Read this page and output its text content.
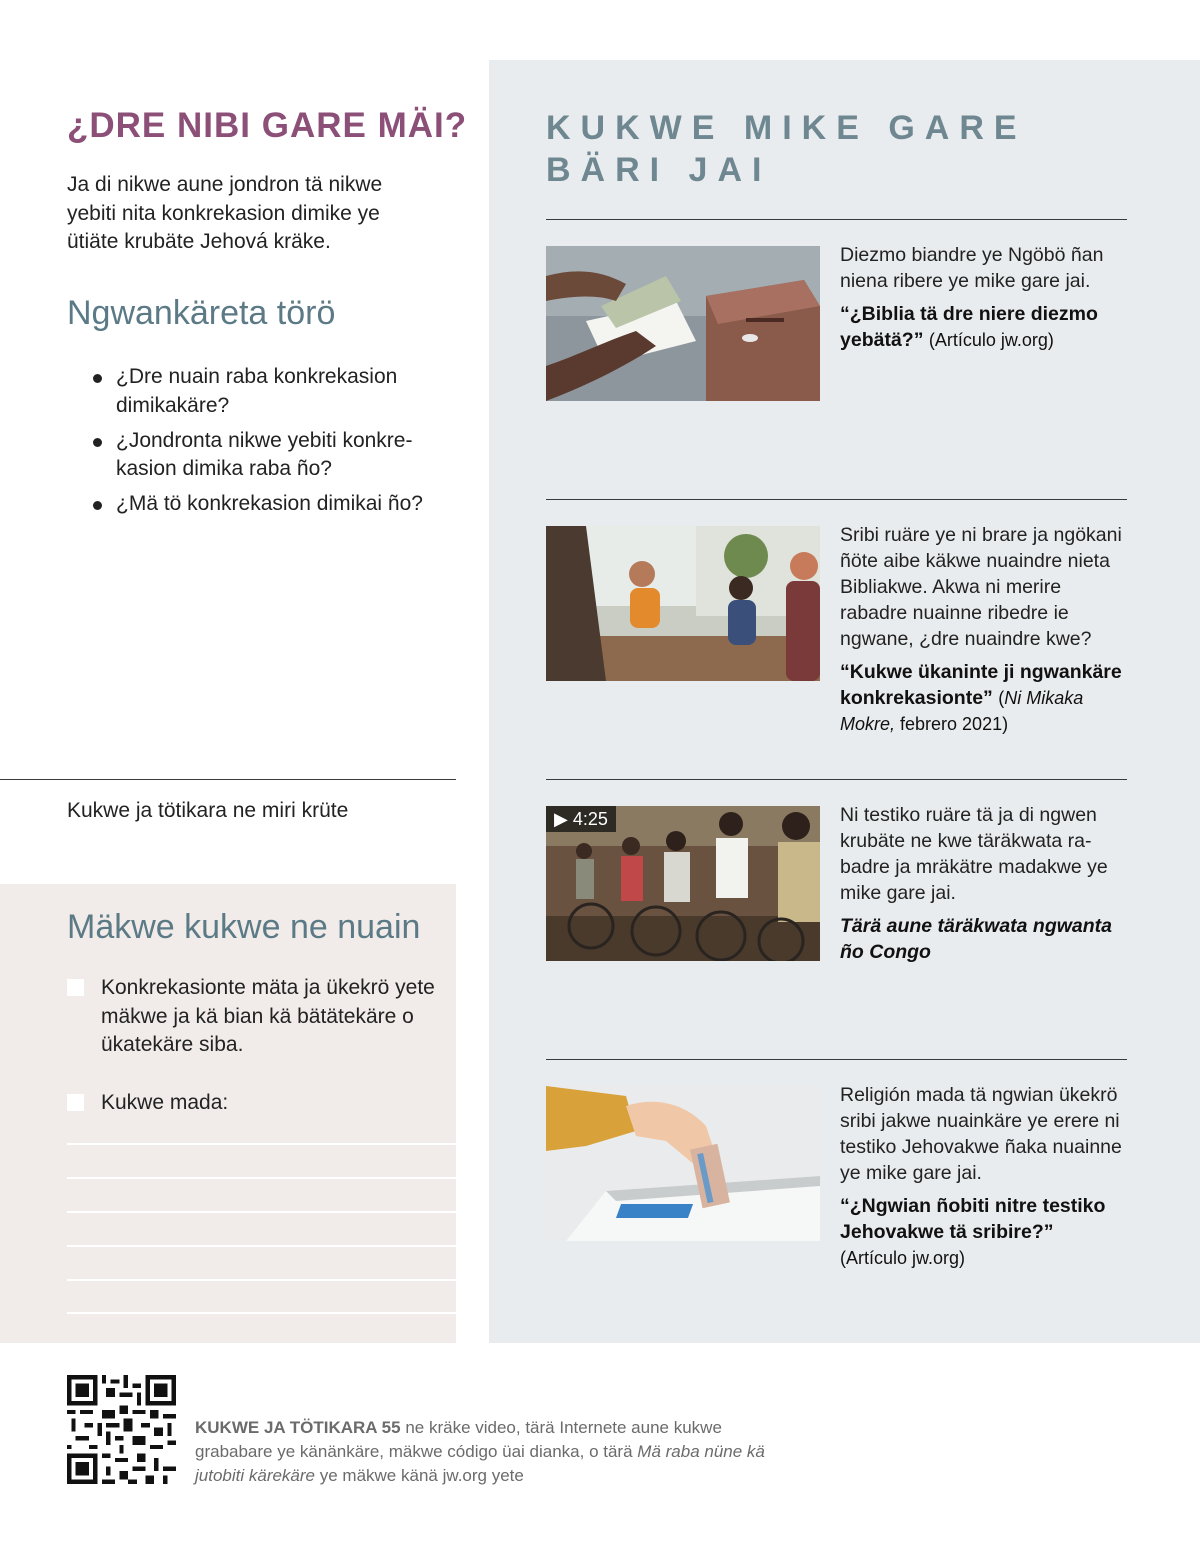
¿DRE NIBI GARE MÄI?

Ja di nikwe aune jondron tä nikwe yebiti nita konkrekasion dimike ye ütiäte krubäte Jehová kräke.

Ngwankäreta törö
¿Dre nuain raba konkrekasion dimikakäre?
¿Jondronta nikwe yebiti konkrekasion dimika raba ño?
¿Mä tö konkrekasion dimikai ño?

Kukwe ja tötikara ne miri krüte

Mäkwe kukwe ne nuain

Konkrekasionte mäta ja ükekrö yete mäkwe ja kä bian kä bätätekäre o ükatekäre siba.

Kukwe mada:

KUKWE MIKE GARE BÄRI JAI

Diezmo biandre ye Ngöbö ñan niena ribere ye mike gare jai.

“¿Biblia tä dre niere diezmo yebätä?” (Artículo jw.org)

Sribi ruäre ye ni brare ja ngökani ñöte aibe käkwe nuaindre nieta Bibliakwe. Akwa ni merire rabadre nuainne ribedre ie ngwane, ¿dre nuaindre kwe?

“Kukwe ükaninte ji ngwankäre konkrekasionte” (Ni Mikaka Mokre, febrero 2021)

▶ 4:25	Ni testiko ruäre tä ja di ngwen krubäte ne kwe täräkwata rabadre ja mräkätre madakwe ye mike gare jai.

Tärä aune täräkwata ngwanta ño Congo

Religión mada tä ngwian ükekrö sribi jakwe nuainkäre ye erere ni testiko Jehovakwe ñaka nuainne ye mike gare jai.

“¿Ngwian ñobiti nitre testiko Jehovakwe tä sribire?”
(Artículo jw.org)

KUKWE JA TÖTIKARA 55 ne kräke video, tärä Internete aune kukwe grababare ye känänkäre, mäkwe código üai dianka, o tärä Mä raba nüne kä jutobiti kärekäre ye mäkwe känä jw.org yete
